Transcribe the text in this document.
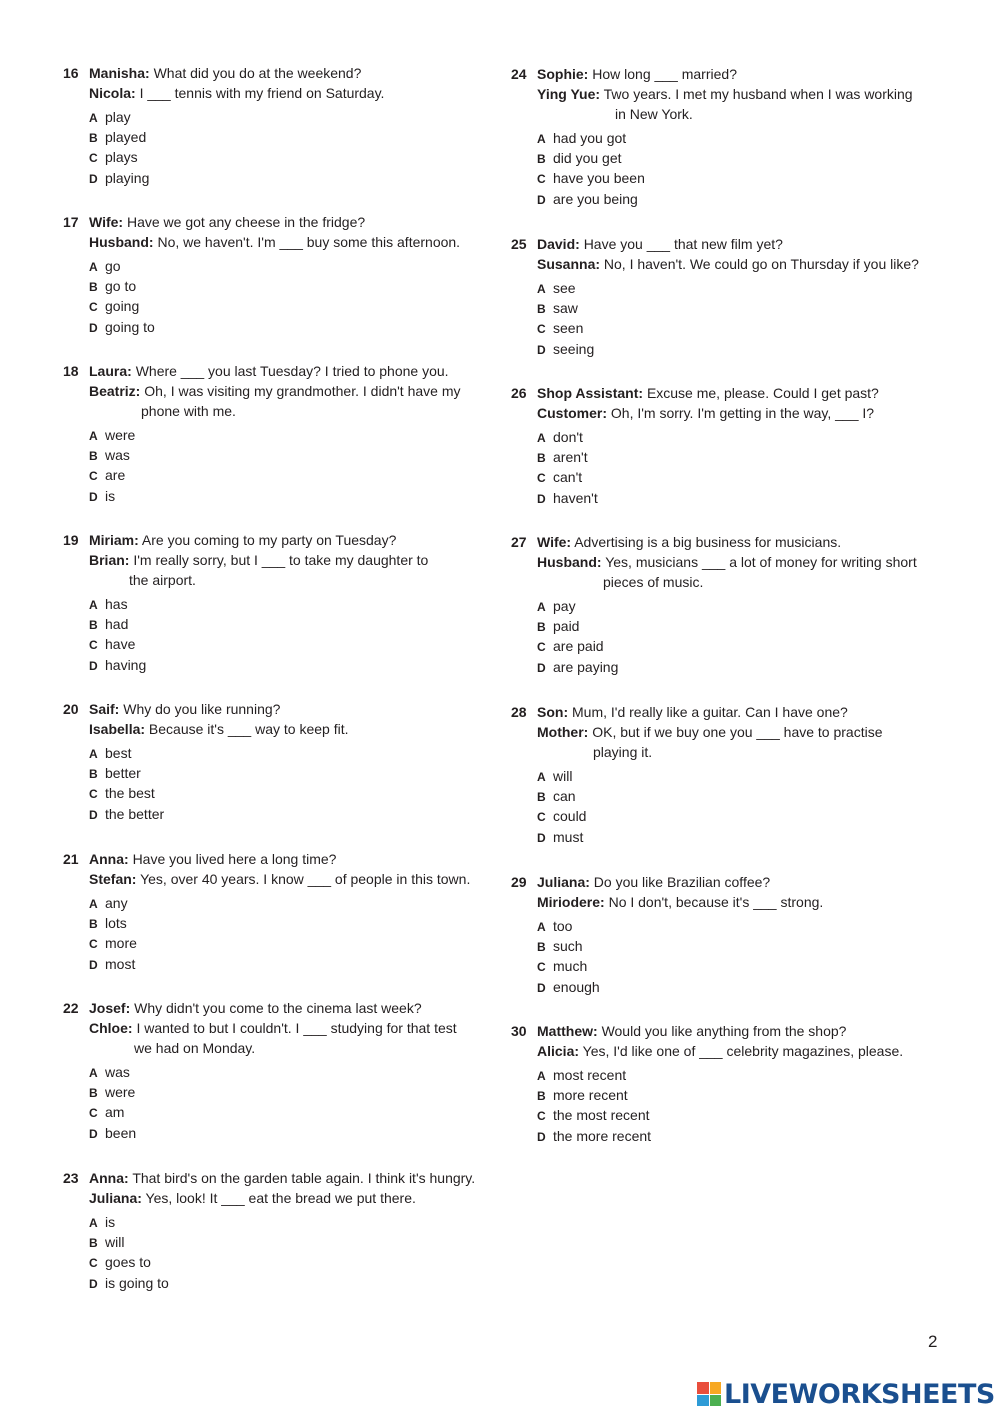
16 Manisha: What did you do at the weekend?
Nicola: I ___ tennis with my friend on Saturday.
A play
B played
C plays
D playing
17 Wife: Have we got any cheese in the fridge?
Husband: No, we haven't. I'm ___ buy some this afternoon.
A go
B go to
C going
D going to
18 Laura: Where ___ you last Tuesday? I tried to phone you.
Beatriz: Oh, I was visiting my grandmother. I didn't have my
phone with me.
A were
B was
C are
D is
19 Miriam: Are you coming to my party on Tuesday?
Brian: I'm really sorry, but I ___ to take my daughter to
the airport.
A has
B had
C have
D having
20 Saif: Why do you like running?
Isabella: Because it's ___ way to keep fit.
A best
B better
C the best
D the better
21 Anna: Have you lived here a long time?
Stefan: Yes, over 40 years. I know ___ of people in this town.
A any
B lots
C more
D most
22 Josef: Why didn't you come to the cinema last week?
Chloe: I wanted to but I couldn't. I ___ studying for that test
we had on Monday.
A was
B were
C am
D been
23 Anna: That bird's on the garden table again. I think it's hungry.
Juliana: Yes, look! It ___ eat the bread we put there.
A is
B will
C goes to
D is going to
24 Sophie: How long ___ married?
Ying Yue: Two years. I met my husband when I was working
in New York.
A had you got
B did you get
C have you been
D are you being
25 David: Have you ___ that new film yet?
Susanna: No, I haven't. We could go on Thursday if you like?
A see
B saw
C seen
D seeing
26 Shop Assistant: Excuse me, please. Could I get past?
Customer: Oh, I'm sorry. I'm getting in the way, ___ I?
A don't
B aren't
C can't
D haven't
27 Wife: Advertising is a big business for musicians.
Husband: Yes, musicians ___ a lot of money for writing short
pieces of music.
A pay
B paid
C are paid
D are paying
28 Son: Mum, I'd really like a guitar. Can I have one?
Mother: OK, but if we buy one you ___ have to practise
playing it.
A will
B can
C could
D must
29 Juliana: Do you like Brazilian coffee?
Miriodere: No I don't, because it's ___ strong.
A too
B such
C much
D enough
30 Matthew: Would you like anything from the shop?
Alicia: Yes, I'd like one of ___ celebrity magazines, please.
A most recent
B more recent
C the most recent
D the more recent
2
LIVEWORKSHEETS
